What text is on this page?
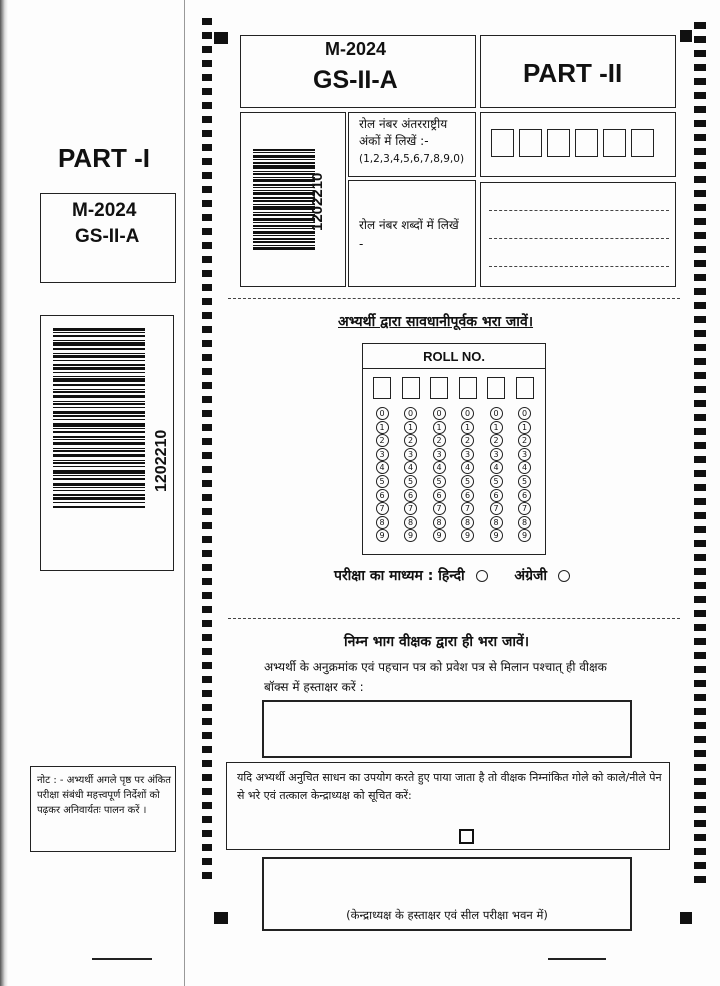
PART -I
M-2024
GS-II-A
1202210
नोट : - अभ्यर्थी अगले पृष्ठ पर अंकित परीक्षा संबंधी महत्त्वपूर्ण निर्देशों को पढ़कर अनिवार्यतः पालन करें ।
M-2024
GS-II-A	PART -II
1202210
रोल नंबर अंतरराष्ट्रीय अंकों में लिखें :-
(1,2,3,4,5,6,7,8,9,0)
रोल नंबर शब्दों में लिखें -
अभ्यर्थी द्वारा सावधानीपूर्वक भरा जावें।
ROLL NO.
0
1
2
3
4
5
6
7
8
9
0
1
2
3
4
5
6
7
8
9
0
1
2
3
4
5
6
7
8
9
0
1
2
3
4
5
6
7
8
9
0
1
2
3
4
5
6
7
8
9
0
1
2
3
4
5
6
7
8
9
परीक्षा का माध्यम : हिन्दी	अंग्रेजी
निम्न भाग वीक्षक द्वारा ही भरा जावें।
अभ्यर्थी के अनुक्रमांक एवं पहचान पत्र को प्रवेश पत्र से मिलान पश्चात् ही वीक्षक बॉक्स में हस्ताक्षर करें :
यदि अभ्यर्थी अनुचित साधन का उपयोग करते हुए पाया जाता है तो वीक्षक निम्नांकित गोले को काले/नीले पेन से भरे एवं तत्काल केन्द्राध्यक्ष को सूचित करें:
(केन्द्राध्यक्ष के हस्ताक्षर एवं सील परीक्षा भवन में)
